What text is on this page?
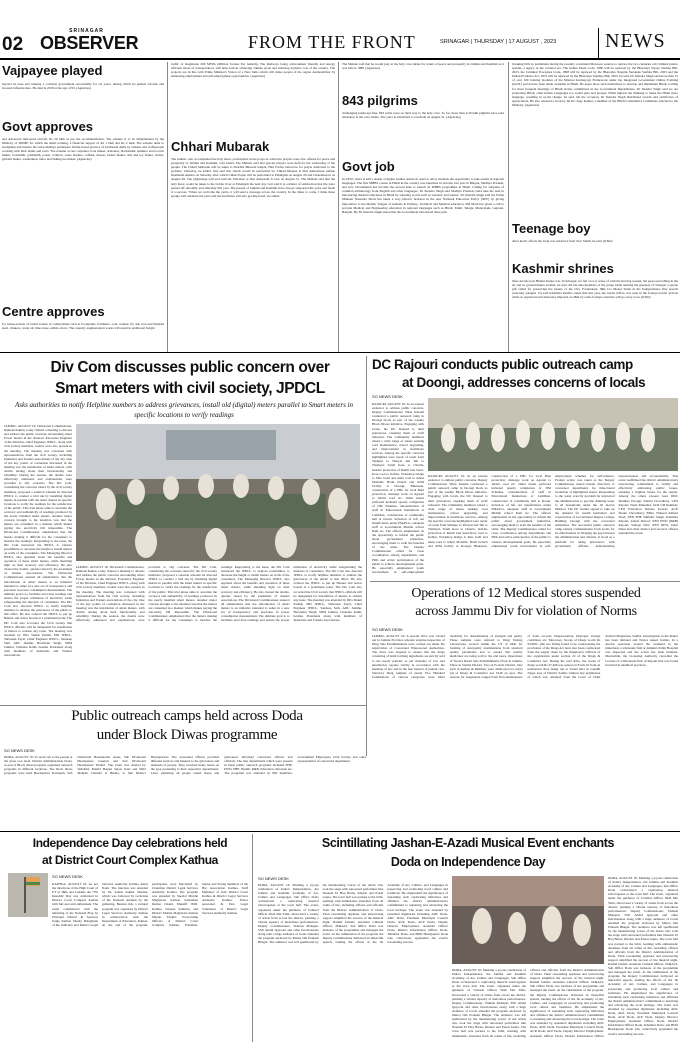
02
SRINAGAR
OBSERVER	FROM THE FRONT	SRINAGAR | THURSDAY | 17 AUGUST , 2023 NEWS
Vajpayee played
beyond its base and running a coalition government successfully for six years, during which he pushed reforms and boosted infrastructure. He died in 2018 at the age of 93. (Agencies)
Govt approves
and Advanced mid-sized aircraft, Rs 50 lakh as per the recommendation. The scheme is to be implemented by the Ministry of MSME for which the skills training, a financial support of Rs 1 lakh and Rs 2 lakh. The scheme aims to strengthen and nurture the Guru-Shishya parampara family-based practice of traditional skills by artisans and craftspeople working with their hands and tools. The scheme covers carpenter, boat maker, armourer, blacksmith, hammer and tool kit maker, locksmith, goldsmith, potter, sculptor, stone breaker, cobbler, mason, basket maker, doll and toy maker, barber, garland maker, washerman, tailor and fishing net maker. (Agencies)
Centre approves
for transportation of varied bodies of commodities such as foodgrains, fertilizers, coal, cement, fly ash, iron and finished steel, clinkers, crude oil, lime stone, edible oil etc. The capacity augmentation works will result in additional freight
traffic of magnitude 200 MTPA (Million Tonnes Per Annum). The Railways being environment friendly and energy efficient mode of transportation, will help both in achieving climate goals and reducing logistics cost of the country. The projects are in line with Prime Minister's Vision of a New India which will make people of the region Aatmanirbhar by enhancing employment and self-employment opportunities. (Agencies)
Chhari Mubarak
The sadhus, who accompanied the holy mace, participated in the pooja as collective prayers were also offered for peace and prosperity of Jammu and Kashmir, Giri added. The Mahant said that special prayers were held for the well-being of the people. The Chhari Mubarak will be taken to Shardha Bhawan temple, Hari Parbat tomorrow for prayer dedicated to the goddess. Thursday, he added. Giri said that rituals would be performed for Chhari-Sthapna at Shri Amreshwar temple Dashnami Akhara on Saturday after which Chhari Pujan will be performed at Pahalgam on August 26 and Chandanwari on August 28. The pilgrimage will end with the 'Darshan' at Shri Amarnath Ji cave on August 31. The Mahant said that the holy mace would be taken to the Lidder river at Pahalgam the next day. Giri said it is a matter of satisfaction that the yatra passed off smoothly and amicably this year. The people of Jammu and Kashmir have always supported the yatra and made it a success. 'When we welcome the yatris, it will send a message across the country. In the times to come, I think these people will celebrate the yatra and the festivities will also get improved,' he added.
The Mahant said that he would pray at the holy cave shrine for return of peace and prosperity in Jammu and Kashmir as it was before 1989. (Agencies)
843 pilgrims
challenging landscape like, 843 yatris were on their way to the holy cave. So far, more than 4.29 lakh pilgrims have paid obeisance at the cave shrine. The yatra is scheduled to conclude on August 31. (Agencies)
Govt job
In UPSC, there is still a dearth of higher studies outlets in order to allow students the opportunity to take exams in regional languages. The first MBBS course in Hindi in the country was launched in October last year in Bhopal, Madhya Pradesh, and now Uttarakhand has become the second state to launch an MBBS programme in Hindi. Calling for adoption of common terminology from English and other languages, Dr Jitendra Singh said Madhya Pradesh could take the lead in introducing medical education in Hindi by adopting words such as 'nucleus' and 'uterus'. Dr Jitendra Singh said the Prime Minister Narendra Modi has taken a very historic decision in the new National Education Policy (NEP) by giving importance to the Mother Tongue of students in Primary, Technical and Medical education. PM Modi has given a call to provide Medical and Engineering education in regional languages such as Hindi, Tamil, Telugu, Malayalam, Gujarati, Bengali. By Dr Jitendra Singh stated that the Government introduced three pub-
breaking bills in parliament during the recently concluded Monsoon session to replace the two centuries old criminal justice system, a legacy of the colonial era. The Indian Penal Code, 1860 will be replaced by the Bharatiya Nyaya Sanhita Bill, 2023, the Criminal Procedure Code, 1898 will be replaced by the Bharatiya Nagarik Suraksha Sanhita Bill, 2023 and the Indian Evidence Act, 1872 will be replaced by the Bharatiya Sakshya Bill, 2023, he said. Dr Jitendra Singh said more than 15 of over 100 training modules of the Mission Karmayogi Framework under the Integrated Government Online Training (iGOT) portal have been made available in Hindi. He urges more such institutions to develop and implement Hindi. Calling for more frequent meetings of Hindi review committees in the Government Departments, Dr Jitendra Singh said we are promoting Hindi, other Indian Languages too would gain and prosper. Hindi imparts the thinking to make the Hindi more language, resulting in social change, he said. On the occasion, Dr Jitendra Singh distributed awards and certificates of appreciation. He also released a book by Dr KC Ajay Kumar, a member of the Hindi Consultative Committee attached to the Ministry. (Agencies)
Teenage boy
After hectic efforts the body was retrieved from river Sindh, he said. (KNO)
Kashmir shrines
three decade post Hindus Kusha war. In Srinagar, we felt a lot of sense of with the moving around, but peace prevailing in the air and no ground makes another, he said. All the nine members of the group while terming the greenery of Srinagar a serene gift called for preserving the beauty of the City. Fortunately, J&K LG Manoj Sinha in his Independence Day speech yesterday (August 15) said Kashmiri Pandits stated that this year, the tourist inflow was seen in the foreign tourist arrivals while as regional travel insurance imposed on J&K by some foreign countries will go away soon. (KNO)
Div Com discusses public concern over
Smart meters with civil society, JPDCL
Asks authorities to notify Helpline numbers to address grievances, install old (digital) meters parallel to Smart meters in specific locations to verify readings
JAMMU, AUGUST 16: Divisional Commissioner, Ramesh Kumar, today chaired a meeting to discuss and address the public concerns surrounding smart Power meters in the division. Executive Engineer of the Division, Chief Engineer JPDCL, along with civil society members, traders were also present in the meeting. The meeting was convened with representatives from the civil society, including Industries and Traders associations of the city. One of the key points of contention discussed in the meeting was the installation of smart meters, with doubts arising about their functionality and reliability. During the session, the doubts were effectively addressed and explanations were provided to ally concerns. The Div Com, considering the concerns raised by the civil society members, proposed a solution wherein he directed JPDCL to conduct a trial run by installing digital meters in parallel with the smart meters in specific locations to verify the readings for the satisfaction of the public. This trial phase aims to ascertain the accuracy and authenticity of readings produced by the newly installed smart meters. Another major concern brought to the attention was that the meters are consumed in a manner which makes paying the electricity bill impossible. The Divisional Commissioner emphasised that the meters making it difficult for the consumers to monitor the readings. Responding to the issue, the Div Com instructed the JPDCL to explore possibilities to decrease the height or install meters on walls of the consumers. The Managing Director JPDCL also apprised about the benefits and operation of these smart meters, while shedding light on their accuracy and efficiency. He also cleared the doubts, queries raised by the presidents of market associations. The Divisional Commissioner assured all stakeholders that the introduction of smart meters is an initiative intended to usher in a new era of transparency and precision in power consumption measurement. The ultimate goal is to facilitate error-free readings and ensure the proper utilization of electricity while safeguarding the interests of consumers. The Div Com also directed JPDCL to notify helpline numbers to address the grievances of the public to this effect. He also ordered the JPDCL to put up Banner and notice boards at a prominent point. The Div Com also accorded the Civil society that JPDCL officials will be designated for installation of meters to redress any issue. The meeting was attended by DIG Shakti Pathak, MD JPDCL, Shivnnan Tayal, Chief Engineer JPDCL, Sandeep Seth, ADC Jammu, Harvinder Singh, SDM Jammu, Chandan Kohli, besides Presidents along with members of Industries and Traders associations.
JAMMU, AUGUST 16: Divisional Commissioner, Ramesh Kumar, today chaired a meeting to discuss and address the public concerns surrounding smart Power meters in the division. Executive Engineer of the Division, Chief Engineer JPDCL, along with civil society members, traders were also present in the meeting. The meeting was convened with representatives from the civil society, including Industries and Traders associations of the city. One of the key points of contention discussed in the meeting was the installation of smart meters, with doubts arising about their functionality and reliability. During the session, the doubts were effectively addressed and explanations were provided to ally concerns. The Div Com, considering the concerns raised by the civil society members, proposed a solution wherein he directed JPDCL to conduct a trial run by installing digital meters in parallel with the smart meters in specific locations to verify the readings for the satisfaction of the public. This trial phase aims to ascertain the accuracy and authenticity of readings produced by the newly installed smart meters. Another major concern brought to the attention was that the meters are consumed in a manner which makes paying the electricity bill impossible. The Divisional Commissioner emphasised that the meters making it difficult for the consumers to monitor the readings. Responding to the issue, the Div Com instructed the JPDCL to explore possibilities to decrease the height or install meters on walls of the consumers. The Managing Director JPDCL also apprised about the benefits and operation of these smart meters, while shedding light on their accuracy and efficiency. He also cleared the doubts, queries raised by the presidents of market associations. The Divisional Commissioner assured all stakeholders that the introduction of smart meters is an initiative intended to usher in a new era of transparency and precision in power consumption measurement. The ultimate goal is to facilitate error-free readings and ensure the proper utilization of electricity while safeguarding the interests of consumers. The Div Com also directed JPDCL to notify helpline numbers to address the grievances of the public to this effect. He also ordered the JPDCL to put up Banner and notice boards at a prominent point. The Div Com also accorded the Civil society that JPDCL officials will be designated for installation of meters to redress any issue. The meeting was attended by DIG Shakti Pathak, MD JPDCL, Shivnnan Tayal, Chief Engineer JPDCL, Sandeep Seth, ADC Jammu, Harvinder Singh, SDM Jammu, Chandan Kohli, besides Presidents along with members of Industries and Traders associations.
DC Rajouri conducts public outreach camp
at Doongi, addresses concerns of locals
SO NEWS DESK
RAJOURI, AUGUST 16: In an earnest endeavor to address public concerns, Deputy Commissioner Vikas Kundal conducted a public outreach camp in Doongi block as part of the weekly Block Diwas initiative. Engaging with locals, the DC listened to their grievances, ensuring them of swift redressal. The community members raised a wide range of issues seeking road maintenance, school upgrading, and improvement in healthcare services. Among the specific concerns highlighted were repair of roads from Shahpur to Thatyal and Teh to Thathyal, Sandi Kote to Chatrla, besides protection of Ramli Jaiz Seeri-Kote road to Kahtar, Workshop bridge to Mas Galli and main road to Kheri Mohalla; Bouli branch and ATM facility at Doongi; Bhurusan, construction of a PHC for local Bani protection; drainage work on Agarati to Jabbar road etc. Other issues preferred included speedy completion of JJM Schemes, rationalization of staff in Educational Institutions at Lambhan, construction of community hall at Doom, inclusion of left out beneficiaries under PMAY-G, adequate staff at Government Middle school Ram etc. The officers emphasized on the opportunity to inform the public about government initiatives, encouraging them to avail the benefits of the same. The Deputy Commissioner called for close coordination among departments and PRIs and active participation of the public to achieve developmental goals. He especially emphasized youth involvement in self-employment
RAJOURI, AUGUST 16: In an earnest endeavor to address public concerns, Deputy Commissioner Vikas Kundal conducted a public outreach camp in Doongi block as part of the weekly Block Diwas initiative. Engaging with locals, the DC listened to their grievances, ensuring them of swift redressal. The community members raised a wide range of issues seeking road maintenance, school upgrading, and improvement in healthcare services. Among the specific concerns highlighted were repair of roads from Shahpur to Thatyal and Teh to Thathyal, Sandi Kote to Chatrla, besides protection of Ramli Jaiz Seeri-Kote road to Kahtar, Workshop bridge to Mas Galli and main road to Kheri Mohalla; Bouli branch and ATM facility at Doongi; Bhurusan, construction of a PHC for local Bani protection; drainage work on Agarati to Jabbar road etc. Other issues preferred included speedy completion of JJM Schemes, rationalization of staff in Educational Institutions at Lambhan, construction of community hall at Doom, inclusion of left out beneficiaries under PMAY-G, adequate staff at Government Middle school Ram etc. The officers emphasized on the opportunity to inform the public about government initiatives, encouraging them to avail the benefits of the same. The Deputy Commissioner called for close coordination among departments and PRIs and active participation of the public to achieve developmental goals. He especially emphasized youth involvement in self-employment schemes for self-reliance. Prompt action was taken as the Deputy Commissioner issued instant directives to concerned departments for time-bound resolution of highlighted issues. Responding to the water scarcity problem he instructed the administration to provide drinking water to all households under the Jal Jeevan Mission. The DC further agreed to take up the demand for health institution and construction of Government Degree College Building Doongi with the concerned authorities. The successful public outreach camp earned commendation from locals for its effectiveness in bridging the gap between the administration and citizens. It stood as a platform for airing grievances, with government officials demonstrating responsiveness and accountability. This event reaffirmed the district administration's unwavering commitment to swiftly and effectively addressing public issues, ensuring a brighter future for the region. Among the others present were DDC Member Doongi, Khalid Chowdhary, CPO Rajouri, Nazir Khurshid, ACR GH Rahman; CEO Education Sultana Kousar; ACP, Shoku Chowdhary, BDO, Waheed Ahmed Shad; XEN PHE Sukhdev Singh, Tehsildar Rajouri, Ashraf Shiwar; XEN PWD (R&B) Rajouri, Sadiqat Shiv; XEN REW, Zakir Khan and other district and sectoral officers attended the event.
Operations of 12 Medical stores suspended
across Jammu Div for violation of Norms
SO NEWS DESK
JAMMU, AUGUST 16: A special drive was carried out in Jammu Province wherein surprise inspection of Drug Sale Establishments were carried out under the supervision of Concerned Empowered Authorities. The drive was targeted to ensure that the drugs consisting of habit forming ingredients are strictly sold to the needy patients as per mandate of law and pharmacies operate strictly in accordance with the mandate of law and in the best interest of patient care. Statutory Drug samples of nearly Two Hundred formulations of various categories were lifted randomly for determination of strength and purity. These samples were referred to Drug Testing Laboratories located within the UT of J&K for forming of test/quality examinations from standard quality parameters and to ensure that quality medicines are being sold to the end users. Operations of Twelve Retail Sale Establishments (Four in Jammu, Three in Samba District, Two in Poonch District, One each in Kathua & Ramban, were disallowed u/s 22(1)(d) of Drugs & Cosmetics Act 1940 on spot. The reasons for suspension ranged from Non-maintenance of Sales records, Impersonation, Improper storage conditions etc. Moreover, Stocks of Drugs worth Rs 93,800/- (the two firms) found to be contravening the provisions of the Drugs Act have also been confiscated from the supply chain by the Regulatory Officers of the organization under section 22 of the Drugs & Cosmetics Act. During the said drive, the stocks of drugs worth Rs 27,469 was seized on Form-16 from an unlicensed shop being run at Toned Mor in Gandhi Nagar area of District Samba without any permission of which was obtained from the Court of Chief Judicial Magistrate, Samba. Investigation in the matter has been initiated and Notice issued further. In a special operation around the weekend in the hinterland, a wholesale firm at Jammu's Pallet Hospital was inspected and the action has been initiated. Meanwhile, the Licensing Authority cancelled the License of a Wholesale firm of Rajouri that was found involved in unethical practices.
Public outreach camps held across Doda
under Block Diwas programme
SO NEWS DESK
DODA, AUGUST 16: To reach out to the people at the grass root level, District Administration Doda, as part of Block diwas program, organised outreach programs in different locations. The block diwas programs were held Headquarter Kastigarh, Sub Divisional Headquarter Assar, Sub Divisional Headquarter Gandoh and Sub Divisional Headquarter Thathri. The event was chaired by Tehsildar Khalid Haqani Sajad, Kazi and SDO Mahesh Chander at Bhalla, at Sub District Headquarters. The concerned officers provided different services and listened to the grievances and demands of people. They received many issues on the spot pertaining to their respective departments. Later, gathering all people raised issues and grievances informed concerned officers and officials. The line departments which were present in these public outreach programs included PHE, PWD, PHE, Health, R&B, Education, Revenue etc. The programs was attended by PRI members, Government Employees, Civil Society and other representative of concerned department.
Independence Day celebrations held
at District Court Complex Kathua
SO NEWS DESK
KATHUA, AUGUST 16: As per the directions of the High Court of UT of J&K and Ladakh, the 77th Republic Day was celebrated in District Court Complex Kathua with full zeal and enthusiasm. The event commenced with the unfurling of the National Flag by Principal District & Sessions Judge Kathua Shanty Balaghatia of the Judiciary and District Legal Services Authority Kathua Anisa Nazir. The function was attended by Sh. Ashok Kumar Sharma, which was followed by recitation of the National Anthem by the gathering. Besides this, a cultural program was organised by District Legal Services Authority Kathua in collaboration with the Department of Education, Kathua. At the end of the program, participants were felicitated by Chairman District Legal Services Authority Kathua. The program was attended by Special Mobile Magistrate Kathua Sudarshan Kumar Chand, Munsiff JMIC Kathua, Chenua Sumbria, and District Mobile Magistrate Kathua Meenu Thakur, Prosecuting Officers of District Court Complex Kathua, President, Senior and Young members of the Bar Association Kathua, Staff Members of both District Court Kathua & District Legal Services Authority Kathua, Police personnel & Para Legal Volunteers of District Legal Services Authority Kathua.
Scintillating Jashan-E-Azadi Musical Event enchants
Doda on Independence Day
SO NEWS DESK
DODA, AUGUST 16: Marking a joyous celebration of India's Independence, the Jammu and Kashmir Academy of Art, Culture and Languages, Sub Office Doda orchestrated a captivating musical extravaganza at the town hall. The event, organized under the guidance of Cultural Officer Shah Din Tahir, showcased a variety of artists from across the district, painting a vibrant tapestry of melodious performances. Deputy Commissioner, Vishesh Mahajan, SSP, Abdul Qayoom and other functionaries along with a huge audience of locals attended the program anchored by Manoj Om Prakash Bhagat. The audience was left spellbound by the mesmerizing voices of the artists who took the stage with renowned performers like Naseem Ul Haq Barna, Khokar and Faisal Gupta. The town hall was packed to the brim, teeming with enthusiastic attendees from all walks of life, including officers and officials from the District Administration of Doda. Their resounding applause and unwavering support amplified the success of the musical night. Rashid Jabazir, Assistant Cultural Officer, JK&ACL Sub Office Doda was inchaare of the programme and managed the event. At the culmination of the program, the Deputy Commissioner delivered an impactful speech, lauding the efforts of the JK Academy of Art, Culture, and Languages in preserving and promoting local culture and traditions. He emphasized the significance of sustaining such captivating initiatives and affirmed the district administration's commitment to nurturing and advancing the local heritage. The event was attended by esteemed dignitaries including ADC Doda, ADC Doda, President Municipal Council Doda, ACR Doda, ACP Doda, Deputy Director Employment, Assistant Officer Doda, District Information Officer Doda, Tehsildar Doda, and BDO Headquarter Doda who collectively applauded the event's resounding success.
DODA, AUGUST 16: Marking a joyous celebration of India's Independence, the Jammu and Kashmir Academy of Art, Culture and Languages, Sub Office Doda orchestrated a captivating musical extravaganza at the town hall. The event, organized under the guidance of Cultural Officer Shah Din Tahir, showcased a variety of artists from across the district, painting a vibrant tapestry of melodious performances. Deputy Commissioner, Vishesh Mahajan, SSP, Abdul Qayoom and other functionaries along with a huge audience of locals attended the program anchored by Manoj Om Prakash Bhagat. The audience was left spellbound by the mesmerizing voices of the artists who took the stage with renowned performers like Naseem Ul Haq Barna, Khokar and Faisal Gupta. The town hall was packed to the brim, teeming with enthusiastic attendees from all walks of life, including officers and officials from the District Administration of Doda. Their resounding applause and unwavering support amplified the success of the musical night. Rashid Jabazir, Assistant Cultural Officer, JK&ACL Sub Office Doda was inchaare of the programme and managed the event. At the culmination of the program, the Deputy Commissioner delivered an impactful speech, lauding the efforts of the JK Academy of Art, Culture, and Languages in preserving and promoting local culture and traditions. He emphasized the significance of sustaining such captivating initiatives and affirmed the district administration's commitment to nurturing and advancing the local heritage. The event was attended by esteemed dignitaries including ADC Doda, ADC Doda, President Municipal Council Doda, ACR Doda, ACP Doda, Deputy Director Employment, Assistant Officer Doda, District Information Officer Doda, Tehsildar Doda, and BDO Headquarter Doda who collectively applauded the event's resounding success.
DODA, AUGUST 16: Marking a joyous celebration of India's Independence, the Jammu and Kashmir Academy of Art, Culture and Languages, Sub Office Doda orchestrated a captivating musical extravaganza at the town hall. The event, organized under the guidance of Cultural Officer Shah Din Tahir, showcased a variety of artists from across the district, painting a vibrant tapestry of melodious performances. Deputy Commissioner, Vishesh Mahajan, SSP, Abdul Qayoom and other functionaries along with a huge audience of locals attended the program anchored by Manoj Om Prakash Bhagat. The audience was left spellbound by the mesmerizing voices of the artists who took the stage with renowned performers like Naseem Ul Haq Barna, Khokar and Faisal Gupta. The town hall was packed to the brim, teeming with enthusiastic attendees from all walks of life, including officers and officials from the District Administration of Doda. Their resounding applause and unwavering support amplified the success of the musical night. Rashid Jabazir, Assistant Cultural Officer, JK&ACL Sub Office Doda was inchaare of the programme and managed the event. At the culmination of the program, the Deputy Commissioner delivered an impactful speech, lauding the efforts of the JK Academy of Art, Culture, and Languages in preserving and promoting local culture and traditions. He emphasized the significance of sustaining such captivating initiatives and affirmed the district administration's commitment to nurturing and advancing the local heritage. The event was attended by esteemed dignitaries including ADC Doda, ADC Doda, President Municipal Council Doda, ACR Doda, ACP Doda, Deputy Director Employment, Assistant Officer Doda, District Information Officer
